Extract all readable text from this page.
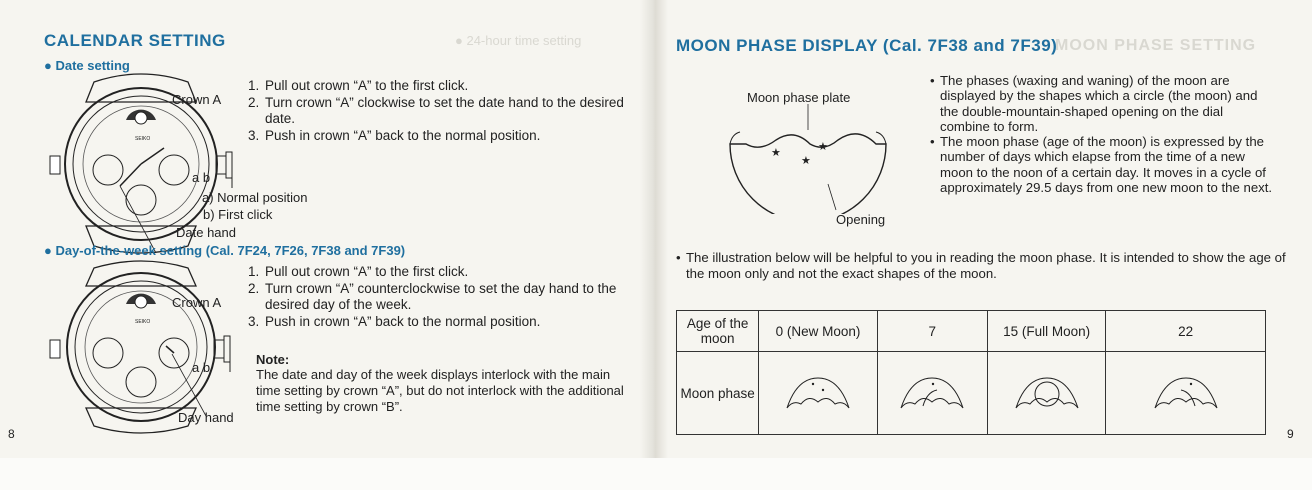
● 24-hour time setting	MOON PHASE SETTING
CALENDAR SETTING
● Date setting
SEIKO
Crown A
a b
a) Normal position
b) First click
Date hand
1. Pull out crown “A” to the first click.
2. Turn crown “A” clockwise to set the date hand to the desired date.
3. Push in crown “A” back to the normal position.
● Day-of-the-week setting (Cal. 7F24, 7F26, 7F38 and 7F39)
SEIKO
Crown A
a b
Day hand
1. Pull out crown “A” to the first click.
2. Turn crown “A” counterclockwise to set the day hand to the desired day of the week.
3. Push in crown “A” back to the normal position.
Note:
The date and day of the week displays interlock with the main time setting by crown “A”, but do not interlock with the additional time setting by crown “B”.
8
MOON PHASE DISPLAY (Cal. 7F38 and 7F39)
★
★
★
Moon phase plate
Opening
• The phases (waxing and waning) of the moon are displayed by the shapes which a circle (the moon) and the double-mountain-shaped opening on the dial combine to form.
• The moon phase (age of the moon) is expressed by the number of days which elapse from the time of a new moon to the noon of a certain day. It moves in a cycle of approximately 29.5 days from one new moon to the next.
• The illustration below will be helpful to you in reading the moon phase. It is intended to show the age of the moon only and not the exact shapes of the moon.
Age of the moon	0 (New Moon)	7	15 (Full Moon)	22
Moon phase				
9
